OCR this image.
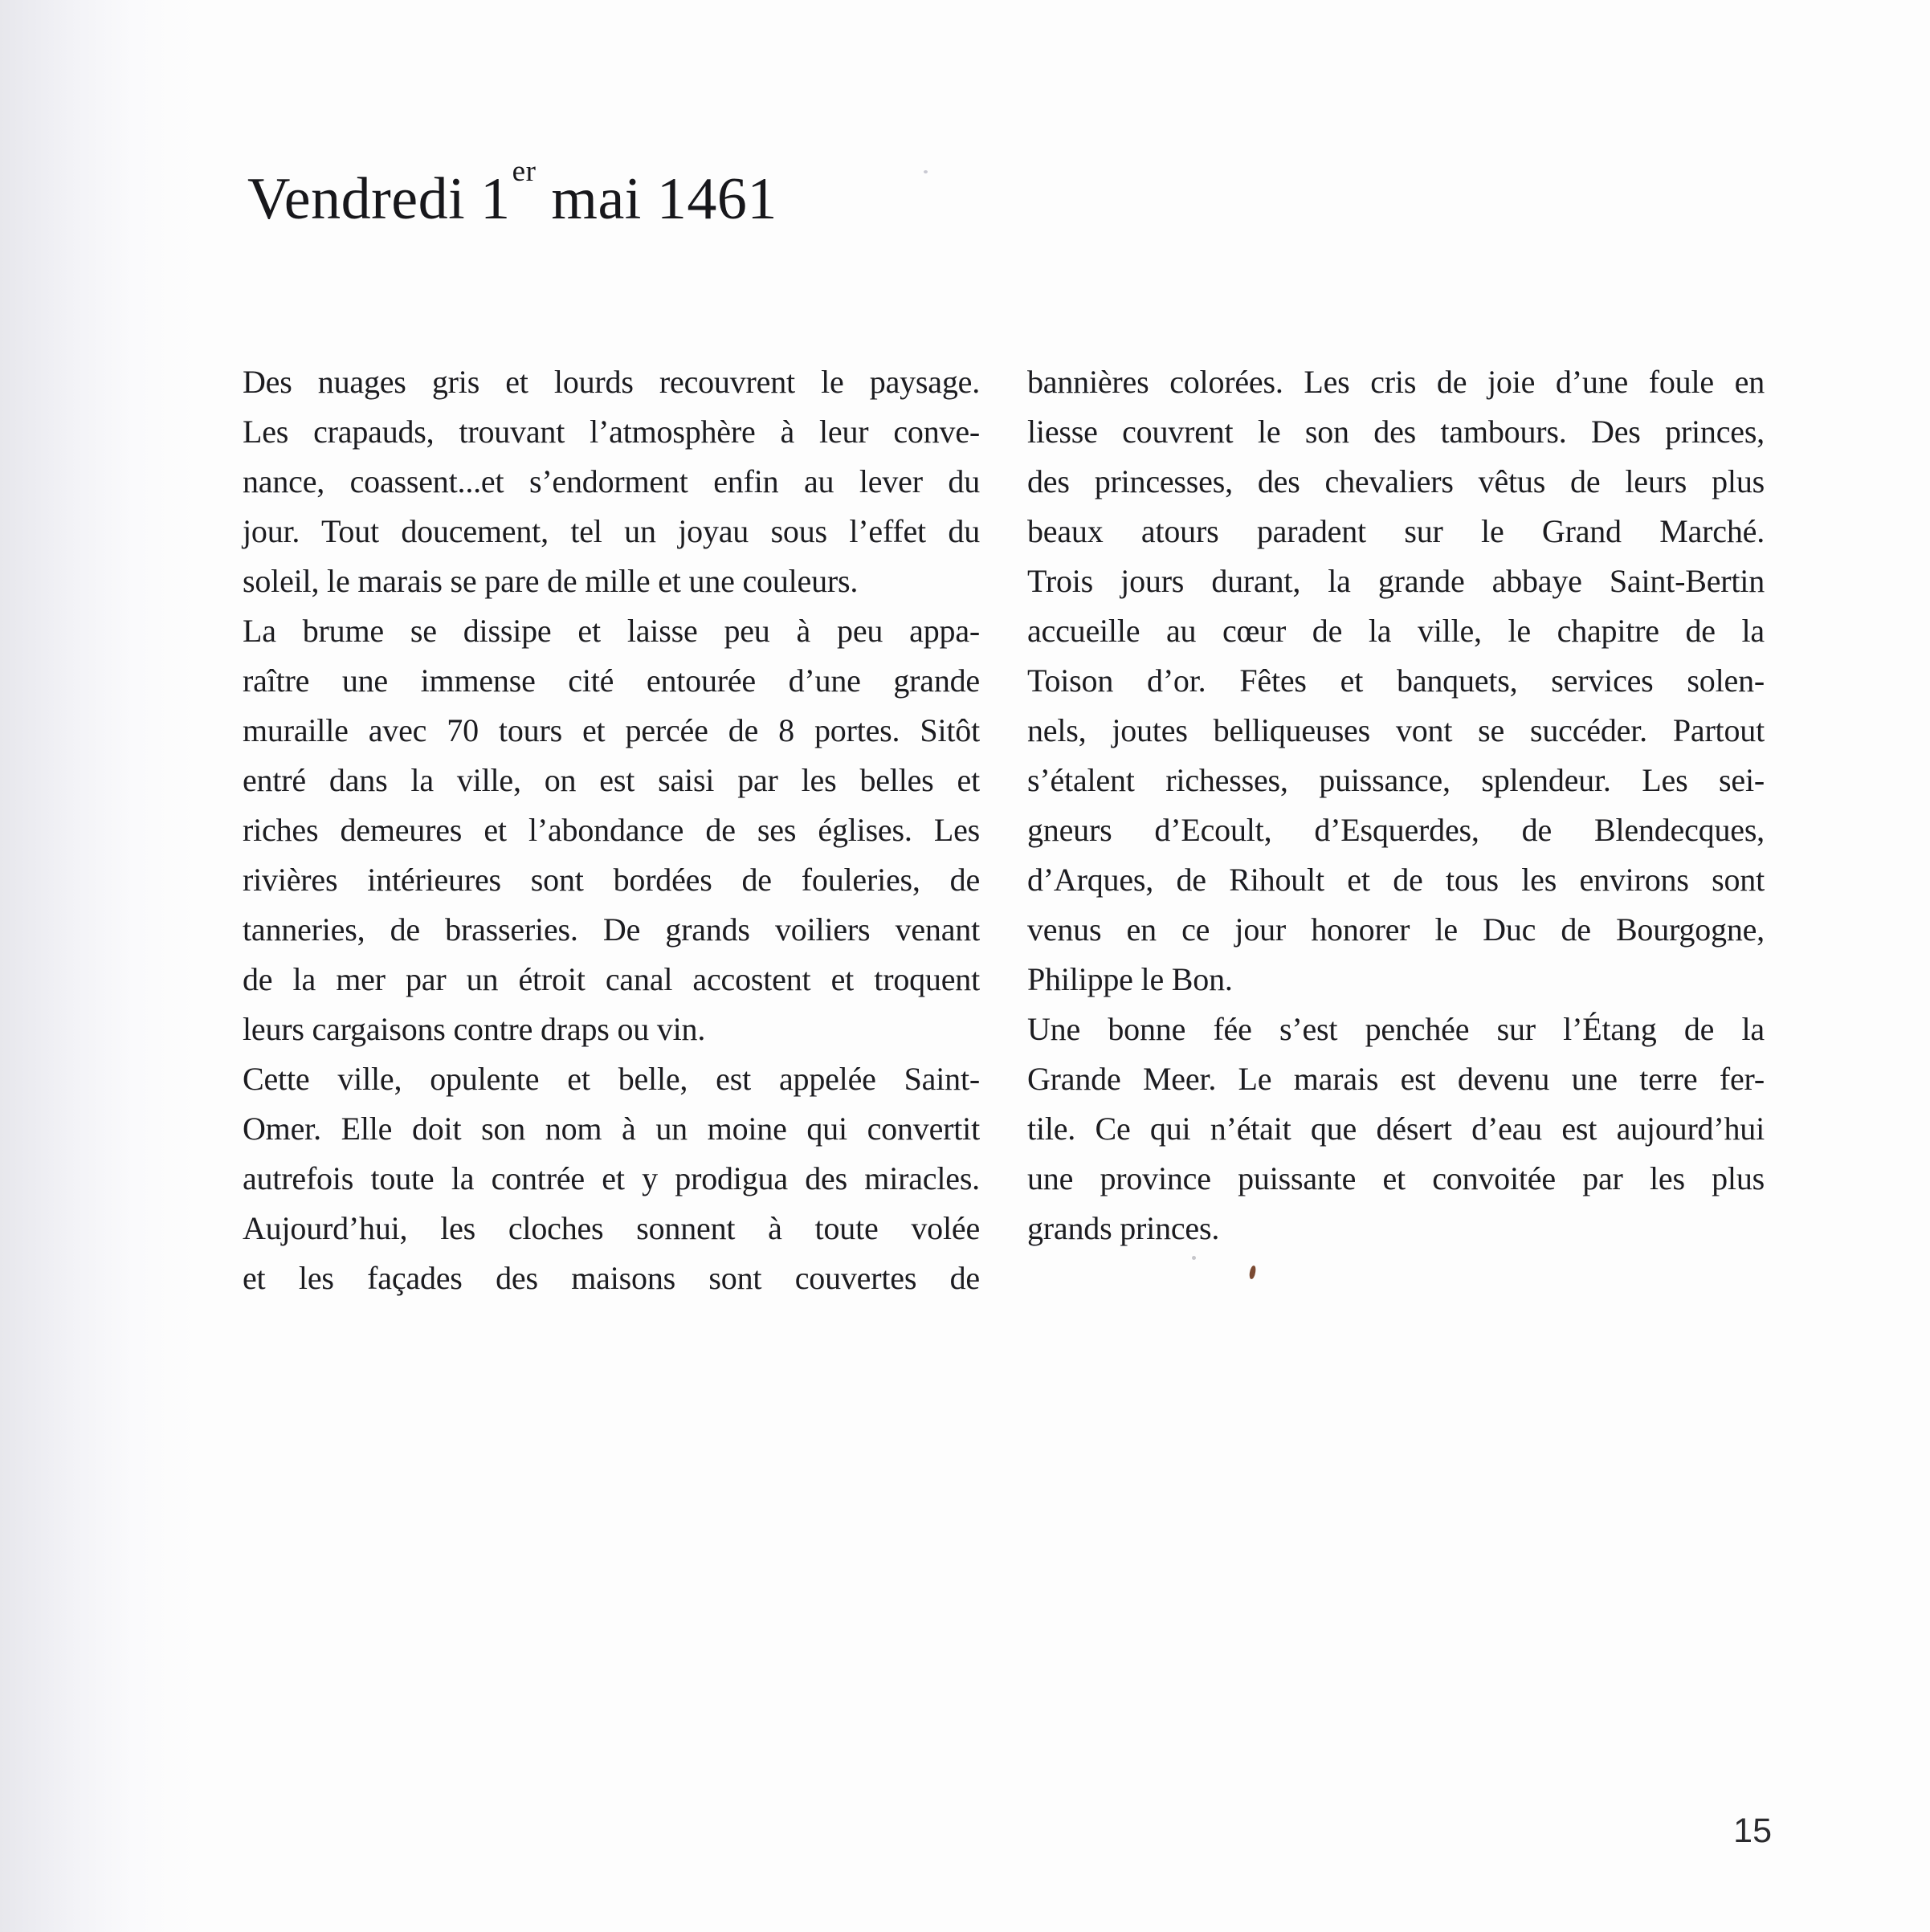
Vendredi 1er mai 1461
Des nuages gris et lourds recouvrent le paysage.
Les crapauds, trouvant l’atmosphère à leur conve-
nance, coassent...et s’endorment enfin au lever du
jour. Tout doucement, tel un joyau sous l’effet du
soleil, le marais se pare de mille et une couleurs.
La brume se dissipe et laisse peu à peu appa-
raître une immense cité entourée d’une grande
muraille avec 70 tours et percée de 8 portes. Sitôt
entré dans la ville, on est saisi par les belles et
riches demeures et l’abondance de ses églises. Les
rivières intérieures sont bordées de fouleries, de
tanneries, de brasseries. De grands voiliers venant
de la mer par un étroit canal accostent et troquent
leurs cargaisons contre draps ou vin.
Cette ville, opulente et belle, est appelée Saint-
Omer. Elle doit son nom à un moine qui convertit
autrefois toute la contrée et y prodigua des miracles.
Aujourd’hui, les cloches sonnent à toute volée
et les façades des maisons sont couvertes de
bannières colorées. Les cris de joie d’une foule en
liesse couvrent le son des tambours. Des princes,
des princesses, des chevaliers vêtus de leurs plus
beaux atours paradent sur le Grand Marché.
Trois jours durant, la grande abbaye Saint-Bertin
accueille au cœur de la ville, le chapitre de la
Toison d’or. Fêtes et banquets, services solen-
nels, joutes belliqueuses vont se succéder. Partout
s’étalent richesses, puissance, splendeur. Les sei-
gneurs d’Ecoult, d’Esquerdes, de Blendecques,
d’Arques, de Rihoult et de tous les environs sont
venus en ce jour honorer le Duc de Bourgogne,
Philippe le Bon.
Une bonne fée s’est penchée sur l’Étang de la
Grande Meer. Le marais est devenu une terre fer-
tile. Ce qui n’était que désert d’eau est aujourd’hui
une province puissante et convoitée par les plus
grands princes.
15
